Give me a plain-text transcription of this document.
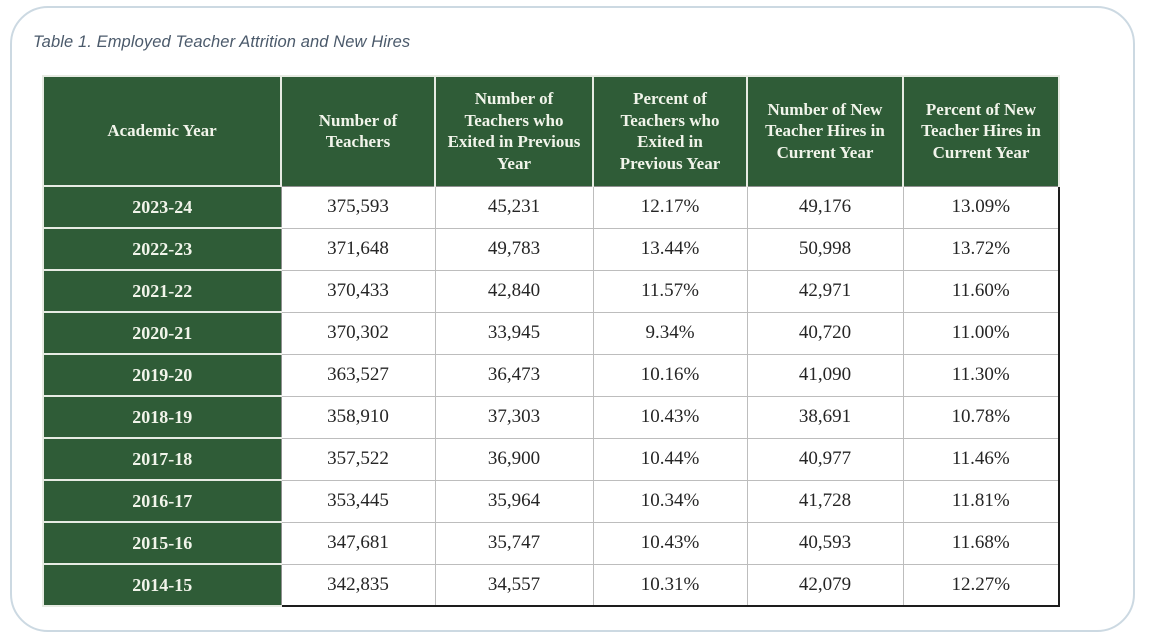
Table 1. Employed Teacher Attrition and New Hires
Academic Year	Number of Teachers	Number of Teachers who Exited in Previous Year	Percent of Teachers who Exited in Previous Year	Number of New Teacher Hires in Current Year	Percent of New Teacher Hires in Current Year
2023-24	375,593	45,231	12.17%	49,176	13.09%
2022-23	371,648	49,783	13.44%	50,998	13.72%
2021-22	370,433	42,840	11.57%	42,971	11.60%
2020-21	370,302	33,945	9.34%	40,720	11.00%
2019-20	363,527	36,473	10.16%	41,090	11.30%
2018-19	358,910	37,303	10.43%	38,691	10.78%
2017-18	357,522	36,900	10.44%	40,977	11.46%
2016-17	353,445	35,964	10.34%	41,728	11.81%
2015-16	347,681	35,747	10.43%	40,593	11.68%
2014-15	342,835	34,557	10.31%	42,079	12.27%
